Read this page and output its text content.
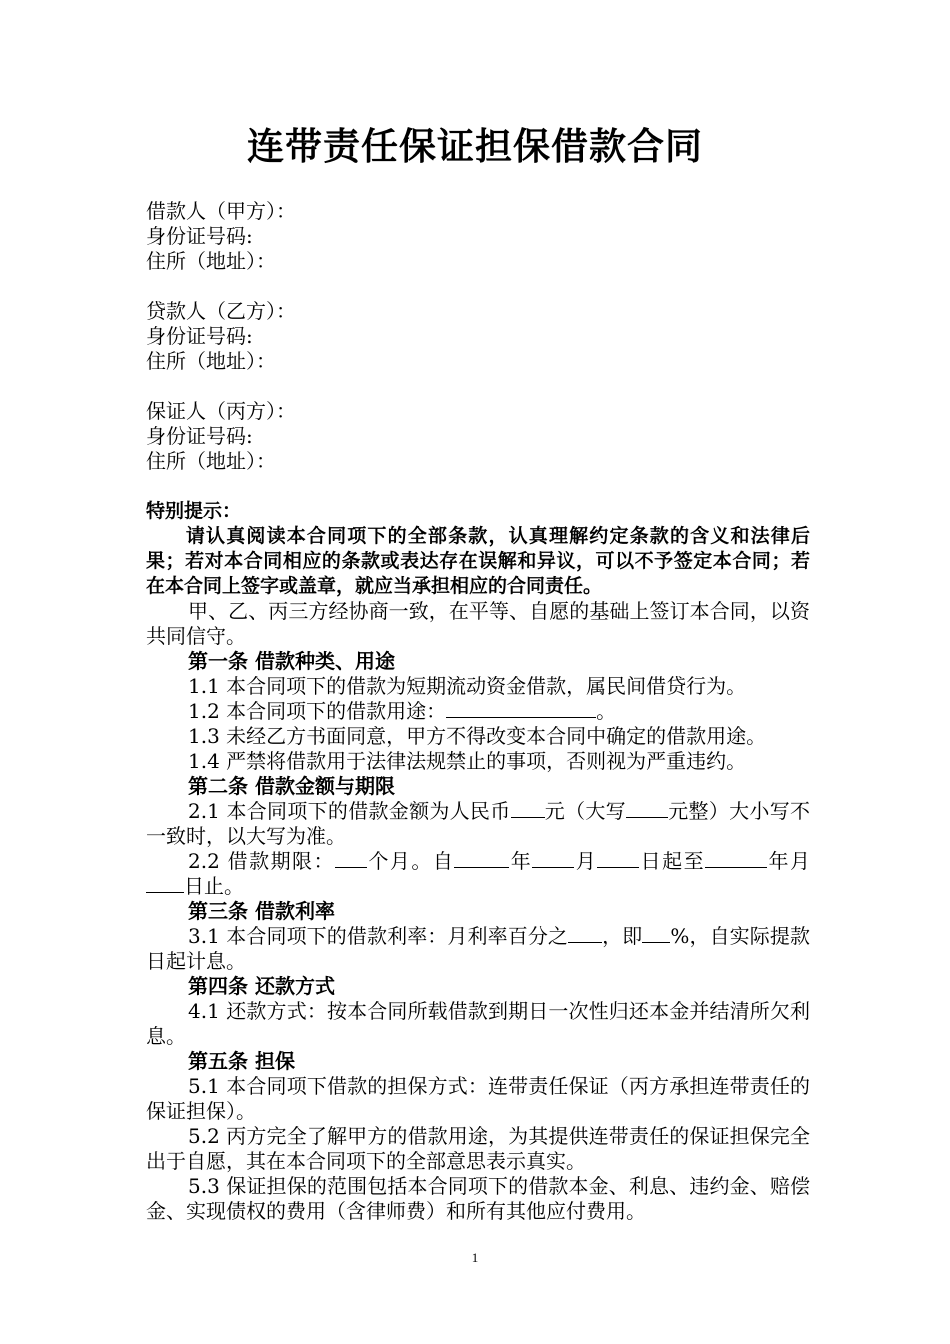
连带责任保证担保借款合同
借款人（甲方）：
身份证号码:
住所（地址）：
贷款人（乙方）：
身份证号码:
住所（地址）：
保证人（丙方）：
身份证号码:
住所（地址）：
特别提示：
请认真阅读本合同项下的全部条款，认真理解约定条款的含义和法律后果；若对本合同相应的条款或表达存在误解和异议，可以不予签定本合同；若在本合同上签字或盖章，就应当承担相应的合同责任。
甲、乙、丙三方经协商一致，在平等、自愿的基础上签订本合同，以资共同信守。
第一条 借款种类、用途
1.1 本合同项下的借款为短期流动资金借款，属民间借贷行为。
1.2 本合同项下的借款用途：	。
1.3 未经乙方书面同意，甲方不得改变本合同中确定的借款用途。
1.4 严禁将借款用于法律法规禁止的事项，否则视为严重违约。
第二条 借款金额与期限
2.1 本合同项下的借款金额为人民币 元（大写 元整）大小写不一致时，以大写为准。
2.2 借款期限： 个月。自	年 月 日起至	年月日止。
第三条 借款利率
3.1 本合同项下的借款利率：月利率百分之 ，即 %，自实际提款日起计息。
第四条 还款方式
4.1 还款方式：按本合同所载借款到期日一次性归还本金并结清所欠利息。
第五条 担保
5.1 本合同项下借款的担保方式：连带责任保证（丙方承担连带责任的保证担保）。
5.2 丙方完全了解甲方的借款用途，为其提供连带责任的保证担保完全出于自愿，其在本合同项下的全部意思表示真实。
5.3 保证担保的范围包括本合同项下的借款本金、利息、违约金、赔偿金、实现债权的费用（含律师费）和所有其他应付费用。
1
